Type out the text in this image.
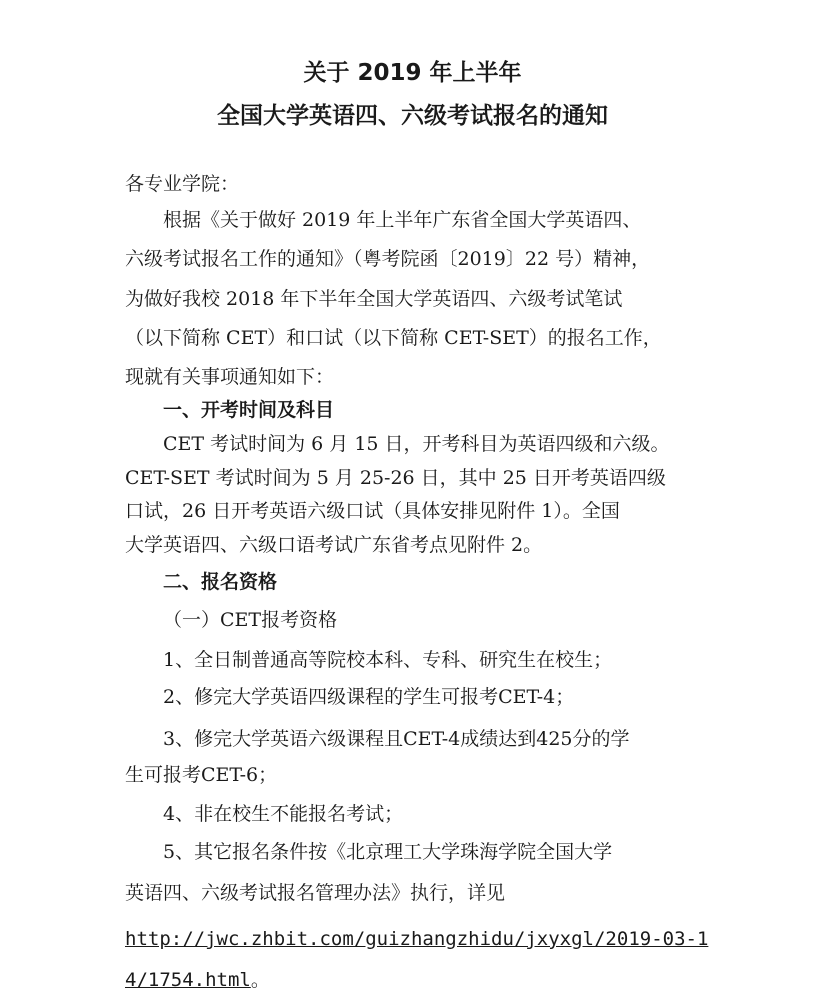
关于 2019 年上半年
全国大学英语四、六级考试报名的通知
各专业学院：
根据《关于做好 2019 年上半年广东省全国大学英语四、
六级考试报名工作的通知》（粤考院函〔2019〕22 号）精神，
为做好我校 2018 年下半年全国大学英语四、六级考试笔试
（以下简称 CET）和口试（以下简称 CET-SET）的报名工作，
现就有关事项通知如下：
一、开考时间及科目
CET 考试时间为 6 月 15 日，开考科目为英语四级和六级。
CET-SET 考试时间为 5 月 25-26 日，其中 25 日开考英语四级
口试，26 日开考英语六级口试（具体安排见附件 1）。全国
大学英语四、六级口语考试广东省考点见附件 2。
二、报名资格
（一）CET报考资格
1、全日制普通高等院校本科、专科、研究生在校生；
2、修完大学英语四级课程的学生可报考CET-4；
3、修完大学英语六级课程且CET-4成绩达到425分的学
生可报考CET-6；
4、非在校生不能报名考试；
5、其它报名条件按《北京理工大学珠海学院全国大学
英语四、六级考试报名管理办法》执行，详见
http://jwc.zhbit.com/guizhangzhidu/jxyxgl/2019-03-1
4/1754.html。
